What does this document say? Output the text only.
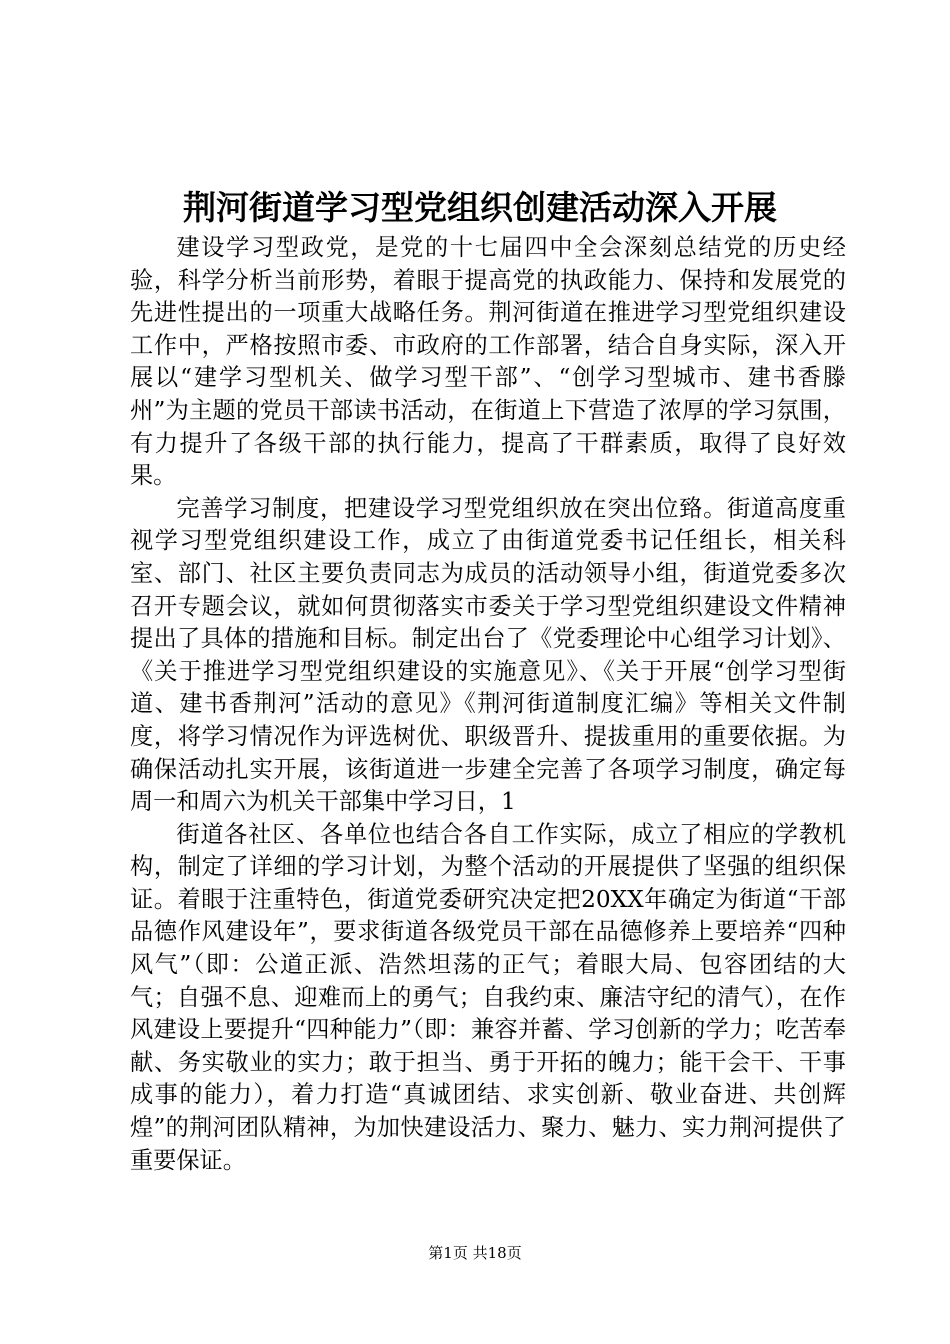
荆河街道学习型党组织创建活动深入开展

建设学习型政党，是党的十七届四中全会深刻总结党的历史经验，科学分析当前形势，着眼于提高党的执政能力、保持和发展党的先进性提出的一项重大战略任务。荆河街道在推进学习型党组织建设工作中，严格按照市委、市政府的工作部署，结合自身实际，深入开展以“建学习型机关、做学习型干部”、“创学习型城市、建书香滕州”为主题的党员干部读书活动，在街道上下营造了浓厚的学习氛围，有力提升了各级干部的执行能力，提高了干群素质，取得了良好效果。

完善学习制度，把建设学习型党组织放在突出位臵。街道高度重视学习型党组织建设工作，成立了由街道党委书记任组长，相关科室、部门、社区主要负责同志为成员的活动领导小组，街道党委多次召开专题会议，就如何贯彻落实市委关于学习型党组织建设文件精神提出了具体的措施和目标。制定出台了《党委理论中心组学习计划》、《关于推进学习型党组织建设的实施意见》、《关于开展“创学习型街道、建书香荆河”活动的意见》《荆河街道制度汇编》等相关文件制度，将学习情况作为评选树优、职级晋升、提拔重用的重要依据。为确保活动扎实开展，该街道进一步建全完善了各项学习制度，确定每周一和周六为机关干部集中学习日，1

街道各社区、各单位也结合各自工作实际，成立了相应的学教机构，制定了详细的学习计划，为整个活动的开展提供了坚强的组织保证。着眼于注重特色，街道党委研究决定把20XX年确定为街道“干部品德作风建设年”，要求街道各级党员干部在品德修养上要培养“四种风气”（即：公道正派、浩然坦荡的正气；着眼大局、包容团结的大气；自强不息、迎难而上的勇气；自我约束、廉洁守纪的清气），在作风建设上要提升“四种能力”（即：兼容并蓄、学习创新的学力；吃苦奉献、务实敬业的实力；敢于担当、勇于开拓的魄力；能干会干、干事成事的能力），着力打造“真诚团结、求实创新、敬业奋进、共创辉煌”的荆河团队精神，为加快建设活力、聚力、魅力、实力荆河提供了重要保证。

第1页 共18页
